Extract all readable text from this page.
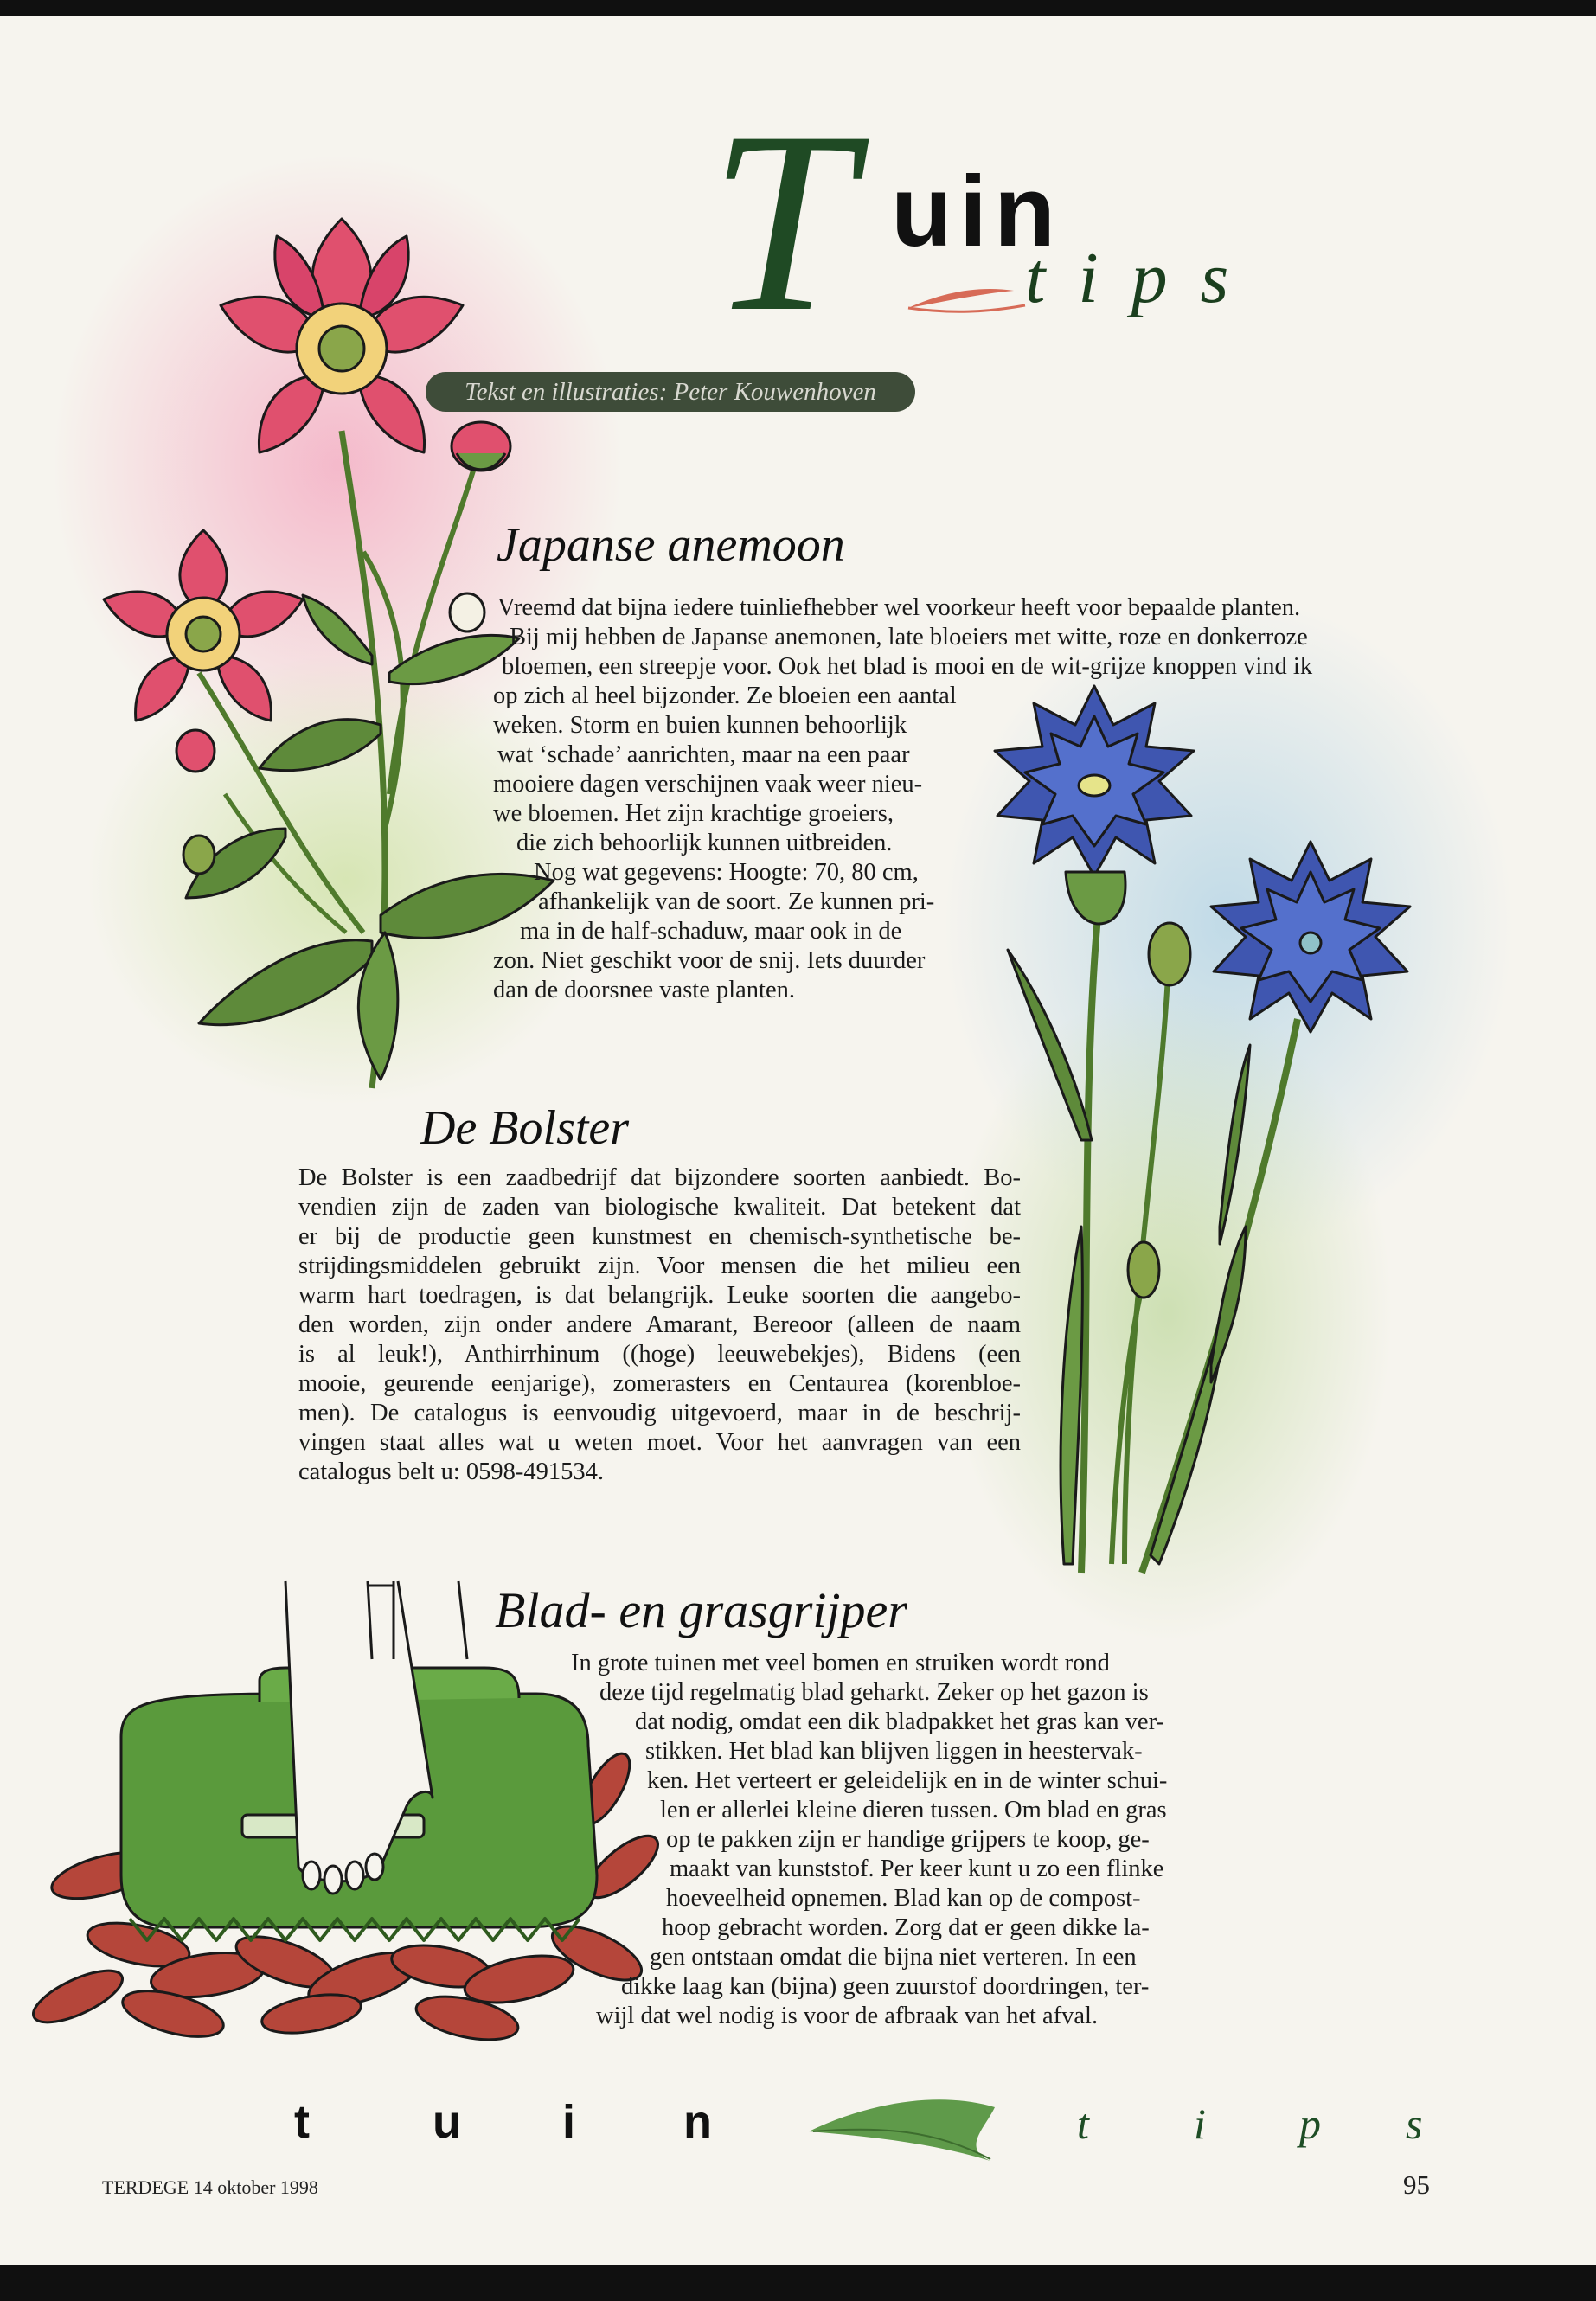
T uin
tips
Tekst en illustraties: Peter Kouwenhoven
Japanse anemoon
Vreemd dat bijna iedere tuinliefhebber wel voorkeur heeft voor bepaalde planten.
Bij mij hebben de Japanse anemonen, late bloeiers met witte, roze en donkerroze
bloemen, een streepje voor. Ook het blad is mooi en de wit-grijze knoppen vind ik
op zich al heel bijzonder. Ze bloeien een aantal
weken. Storm en buien kunnen behoorlijk
wat ‘schade’ aanrichten, maar na een paar
mooiere dagen verschijnen vaak weer nieu-
we bloemen. Het zijn krachtige groeiers,
die zich behoorlijk kunnen uitbreiden.
Nog wat gegevens: Hoogte: 70, 80 cm,
afhankelijk van de soort. Ze kunnen pri-
ma in de half-schaduw, maar ook in de
zon. Niet geschikt voor de snij. Iets duurder
dan de doorsnee vaste planten.
De Bolster
De Bolster is een zaadbedrijf dat bijzondere soorten aanbiedt. Bo-
vendien zijn de zaden van biologische kwaliteit. Dat betekent dat
er bij de productie geen kunstmest en chemisch-synthetische be-
strijdingsmiddelen gebruikt zijn. Voor mensen die het milieu een
warm hart toedragen, is dat belangrijk. Leuke soorten die aangebo-
den worden, zijn onder andere Amarant, Bereoor (alleen de naam
is al leuk!), Anthirrhinum ((hoge) leeuwebekjes), Bidens (een
mooie, geurende eenjarige), zomerasters en Centaurea (korenbloe-
men). De catalogus is eenvoudig uitgevoerd, maar in de beschrij-
vingen staat alles wat u weten moet. Voor het aanvragen van een
catalogus belt u: 0598-491534.
Blad- en grasgrijper
In grote tuinen met veel bomen en struiken wordt rond
deze tijd regelmatig blad geharkt. Zeker op het gazon is
dat nodig, omdat een dik bladpakket het gras kan ver-
stikken. Het blad kan blijven liggen in heestervak-
ken. Het verteert er geleidelijk en in de winter schui-
len er allerlei kleine dieren tussen. Om blad en gras
op te pakken zijn er handige grijpers te koop, ge-
maakt van kunststof. Per keer kunt u zo een flinke
hoeveelheid opnemen. Blad kan op de compost-
hoop gebracht worden. Zorg dat er geen dikke la-
gen ontstaan omdat die bijna niet verteren. In een
dikke laag kan (bijna) geen zuurstof doordringen, ter-
wijl dat wel nodig is voor de afbraak van het afval.
t	u i n	t i p s
TERDEGE 14 oktober 1998	95
